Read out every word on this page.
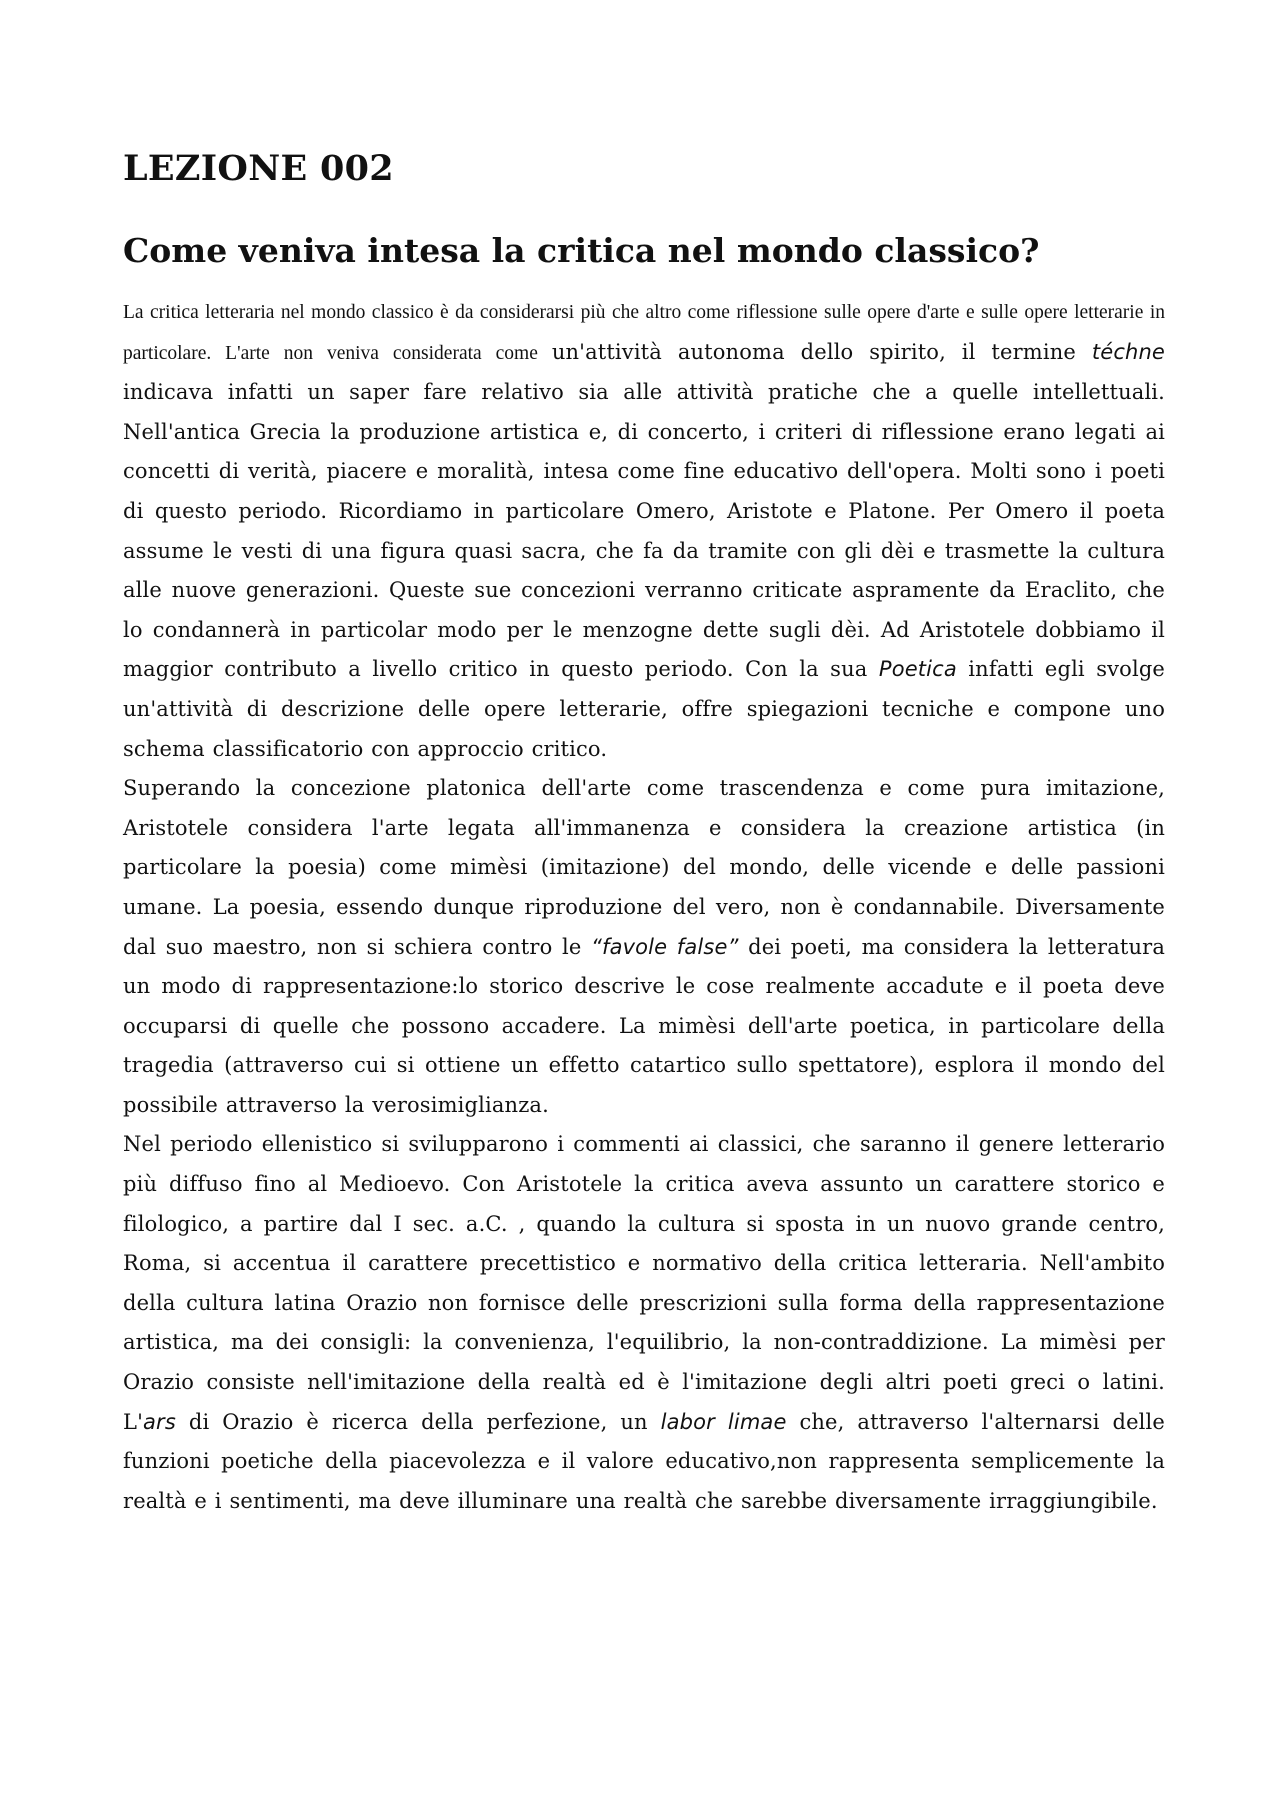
LEZIONE 002
Come veniva intesa la critica nel mondo classico?

La critica letteraria nel mondo classico è da considerarsi più che altro come riflessione sulle opere d'arte e sulle opere letterarie in particolare. L'arte non veniva considerata come un'attività autonoma dello spirito, il termine téchne indicava infatti un saper fare relativo sia alle attività pratiche che a quelle intellettuali. Nell'antica Grecia la produzione artistica e, di concerto, i criteri di riflessione erano legati ai concetti di verità, piacere e moralità, intesa come fine educativo dell'opera. Molti sono i poeti di questo periodo. Ricordiamo in particolare Omero, Aristote e Platone. Per Omero il poeta assume le vesti di una figura quasi sacra, che fa da tramite con gli dèi e trasmette la cultura alle nuove generazioni. Queste sue concezioni verranno criticate aspramente da Eraclito, che lo condannerà in particolar modo per le menzogne dette sugli dèi. Ad Aristotele dobbiamo il maggior contributo a livello critico in questo periodo. Con la sua Poetica infatti egli svolge un'attività di descrizione delle opere letterarie, offre spiegazioni tecniche e compone uno schema classificatorio con approccio critico.

Superando la concezione platonica dell'arte come trascendenza e come pura imitazione, Aristotele considera l'arte legata all'immanenza e considera la creazione artistica (in particolare la poesia) come mimèsi (imitazione) del mondo, delle vicende e delle passioni umane. La poesia, essendo dunque riproduzione del vero, non è condannabile. Diversamente dal suo maestro, non si schiera contro le “favole false” dei poeti, ma considera la letteratura un modo di rappresentazione:lo storico descrive le cose realmente accadute e il poeta deve occuparsi di quelle che possono accadere. La mimèsi dell'arte poetica, in particolare della tragedia (attraverso cui si ottiene un effetto catartico sullo spettatore), esplora il mondo del possibile attraverso la verosimiglianza.

Nel periodo ellenistico si svilupparono i commenti ai classici, che saranno il genere letterario più diffuso fino al Medioevo. Con Aristotele la critica aveva assunto un carattere storico e filologico, a partire dal I sec. a.C. , quando la cultura si sposta in un nuovo grande centro, Roma, si accentua il carattere precettistico e normativo della critica letteraria. Nell'ambito della cultura latina Orazio non fornisce delle prescrizioni sulla forma della rappresentazione artistica, ma dei consigli: la convenienza, l'equilibrio, la non-contraddizione. La mimèsi per Orazio consiste nell'imitazione della realtà ed è l'imitazione degli altri poeti greci o latini. L'ars di Orazio è ricerca della perfezione, un labor limae che, attraverso l'alternarsi delle funzioni poetiche della piacevolezza e il valore educativo,non rappresenta semplicemente la realtà e i sentimenti, ma deve illuminare una realtà che sarebbe diversamente irraggiungibile.
